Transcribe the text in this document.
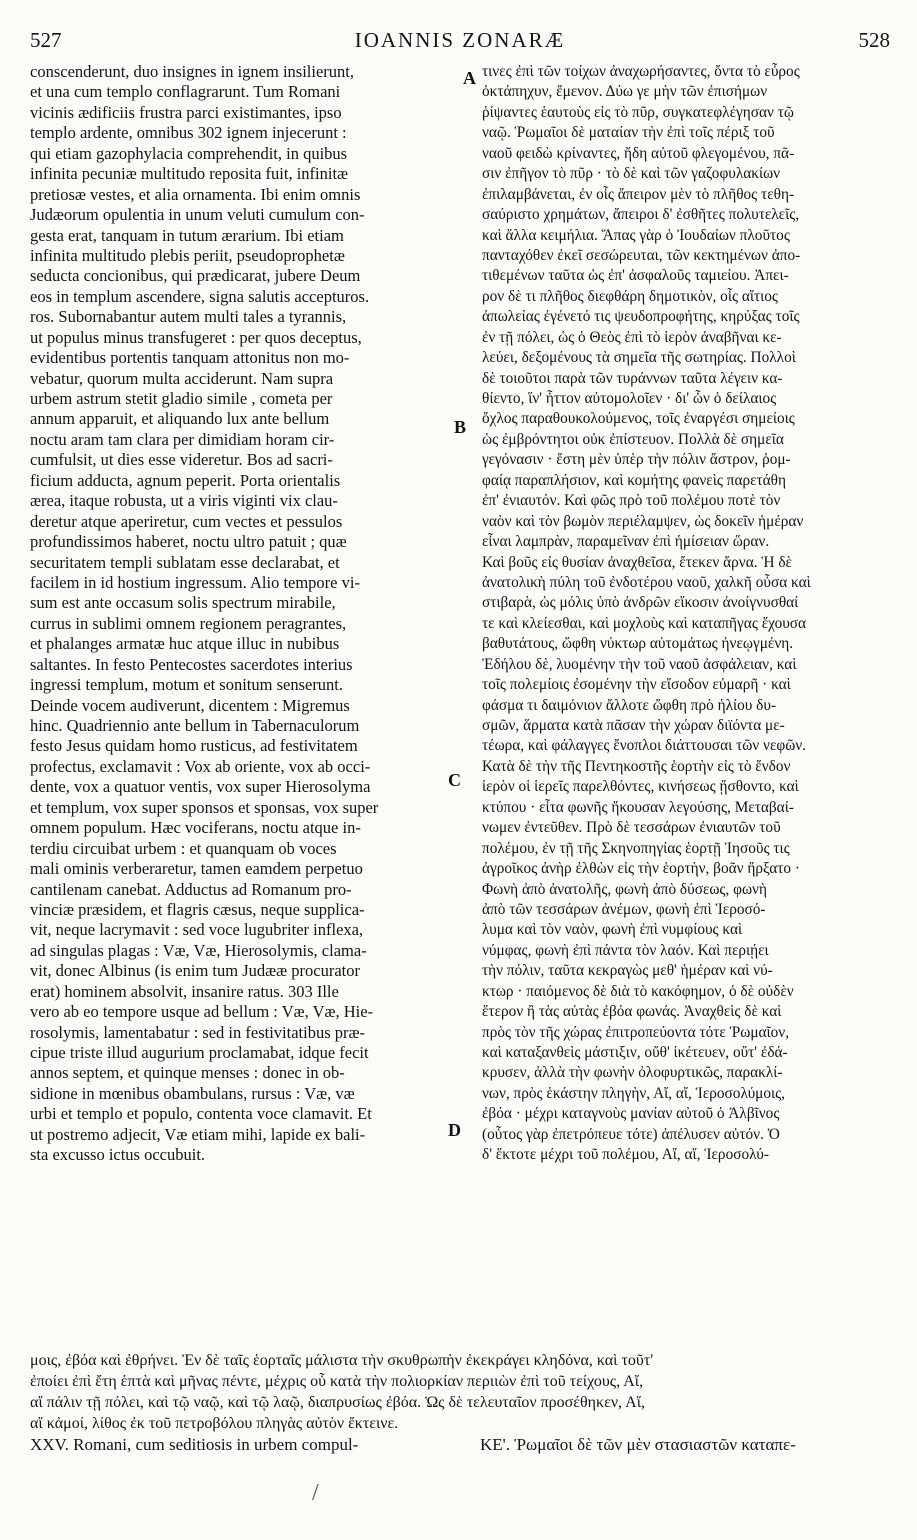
527	IOANNIS ZONARÆ	528
conscenderunt, duo insignes in ignem insilierunt,
et una cum templo conflagrarunt. Tum Romani
vicinis ædificiis frustra parci existimantes, ipso
templo ardente, omnibus 302 ignem injecerunt :
qui etiam gazophylacia comprehendit, in quibus
infinita pecuniæ multitudo reposita fuit, infinitæ
pretiosæ vestes, et alia ornamenta. Ibi enim omnis
Judæorum opulentia in unum veluti cumulum con-
gesta erat, tanquam in tutum ærarium. Ibi etiam
infinita multitudo plebis periit, pseudoprophetæ
seducta concionibus, qui prædicarat, jubere Deum
eos in templum ascendere, signa salutis accepturos.
ros. Subornabantur autem multi tales a tyrannis,
ut populus minus transfugeret : per quos deceptus,
evidentibus portentis tanquam attonitus non mo-
vebatur, quorum multa acciderunt. Nam supra
urbem astrum stetit gladio simile , cometa per
annum apparuit, et aliquando lux ante bellum
noctu aram tam clara per dimidiam horam cir-
cumfulsit, ut dies esse videretur. Bos ad sacri-
ficium adducta, agnum peperit. Porta orientalis
ærea, itaque robusta, ut a viris viginti vix clau-
deretur atque aperiretur, cum vectes et pessulos
profundissimos haberet, noctu ultro patuit ; quæ
securitatem templi sublatam esse declarabat, et
facilem in id hostium ingressum. Alio tempore vi-
sum est ante occasum solis spectrum mirabile,
currus in sublimi omnem regionem peragrantes,
et phalanges armatæ huc atque illuc in nubibus
saltantes. In festo Pentecostes sacerdotes interius
ingressi templum, motum et sonitum senserunt.
Deinde vocem audiverunt, dicentem : Migremus
hinc. Quadriennio ante bellum in Tabernaculorum
festo Jesus quidam homo rusticus, ad festivitatem
profectus, exclamavit : Vox ab oriente, vox ab occi-
dente, vox a quatuor ventis, vox super Hierosolyma
et templum, vox super sponsos et sponsas, vox super
omnem populum. Hæc vociferans, noctu atque in-
terdiu circuibat urbem : et quanquam ob voces
mali ominis verberaretur, tamen eamdem perpetuo
cantilenam canebat. Adductus ad Romanum pro-
vinciæ præsidem, et flagris cæsus, neque supplica-
vit, neque lacrymavit : sed voce lugubriter inflexa,
ad singulas plagas : Væ, Væ, Hierosolymis, clama-
vit, donec Albinus (is enim tum Judææ procurator
erat) hominem absolvit, insanire ratus. 303 Ille
vero ab eo tempore usque ad bellum : Væ, Væ, Hie-
rosolymis, lamentabatur : sed in festivitatibus præ-
cipue triste illud augurium proclamabat, idque fecit
annos septem, et quinque menses : donec in ob-
sidione in mœnibus obambulans, rursus : Væ, væ
urbi et templo et populo, contenta voce clamavit. Et
ut postremo adjecit, Væ etiam mihi, lapide ex bali-
sta excusso ictus occubuit.
τινες ἐπὶ τῶν τοίχων ἀναχωρήσαντες, ὄντα τὸ εὖρος
ὀκτάπηχυν, ἔμενον. Δύω γε μὴν τῶν ἐπισήμων
ῥίψαντες ἑαυτοὺς εἰς τὸ πῦρ, συγκατεφλέγησαν τῷ
ναῷ. Ῥωμαῖοι δὲ ματαίαν τὴν ἐπὶ τοῖς πέριξ τοῦ
ναοῦ φειδὼ κρίναντες, ἤδη αὐτοῦ φλεγομένου, πᾶ-
σιν ἐπῆγον τὸ πῦρ · τὸ δὲ καὶ τῶν γαζοφυλακίων
ἐπιλαμβάνεται, ἐν οἷς ἄπειρον μὲν τὸ πλῆθος τεθη-
σαύριστο χρημάτων, ἄπειροι δ' ἐσθῆτες πολυτελεῖς,
καὶ ἄλλα κειμήλια. Ἅπας γὰρ ὁ Ἰουδαίων πλοῦτος
πανταχόθεν ἐκεῖ σεσώρευται, τῶν κεκτημένων ἀπο-
τιθεμένων ταῦτα ὡς ἐπ' ἀσφαλοῦς ταμιείου. Ἀπει-
ρον δὲ τι πλῆθος διεφθάρη δημοτικὸν, οἷς αἴτιος
ἀπωλείας ἐγένετό τις ψευδοπροφήτης, κηρύξας τοῖς
ἐν τῇ πόλει, ὡς ὁ Θεὸς ἐπὶ τὸ ἱερὸν ἀναβῆναι κε-
λεύει, δεξομένους τὰ σημεῖα τῆς σωτηρίας. Πολλοὶ
δὲ τοιοῦτοι παρὰ τῶν τυράννων ταῦτα λέγειν κα-
θίεντο, ἵν' ἧττον αὐτομολοῖεν · δι' ὧν ὁ δείλαιος
ὄχλος παραθουκολούμενος, τοῖς ἐναργέσι σημείοις
ὡς ἐμβρόντητοι οὐκ ἐπίστευον. Πολλὰ δὲ σημεῖα
γεγόνασιν · ἔστη μὲν ὑπὲρ τὴν πόλιν ἄστρον, ῥομ-
φαίᾳ παραπλήσιον, καὶ κομήτης φανεὶς παρετάθη
ἐπ' ἐνιαυτόν. Καὶ φῶς πρὸ τοῦ πολέμου ποτὲ τὸν
ναὸν καὶ τὸν βωμὸν περιέλαμψεν, ὡς δοκεῖν ἡμέραν
εἶναι λαμπρὰν, παραμεῖναν ἐπὶ ἡμίσειαν ὥραν.
Καὶ βοῦς εἰς θυσίαν ἀναχθεῖσα, ἔτεκεν ἄρνα. Ἡ δὲ
ἀνατολικὴ πύλη τοῦ ἐνδοτέρου ναοῦ, χαλκῆ οὖσα καὶ
στιβαρὰ, ὡς μόλις ὑπὸ ἀνδρῶν εἴκοσιν ἀνοίγνυσθαί
τε καὶ κλείεσθαι, καὶ μοχλοὺς καὶ καταπῆγας ἔχουσα
βαθυτάτους, ὤφθη νύκτωρ αὐτομάτως ἠνεῳγμένη.
Ἐδήλου δὲ, λυομένην τὴν τοῦ ναοῦ ἀσφάλειαν, καὶ
τοῖς πολεμίοις ἐσομένην τὴν εἴσοδον εὐμαρῆ · καὶ
φάσμα τι δαιμόνιον ἄλλοτε ὤφθη πρὸ ἡλίου δυ-
σμῶν, ἅρματα κατὰ πᾶσαν τὴν χώραν διϊόντα με-
τέωρα, καὶ φάλαγγες ἔνοπλοι διάττουσαι τῶν νεφῶν.
Κατὰ δὲ τὴν τῆς Πεντηκοστῆς ἑορτὴν εἰς τὸ ἔνδον
ἱερὸν οἱ ἱερεῖς παρελθόντες, κινήσεως ᾔσθοντο, καὶ
κτύπου · εἶτα φωνῆς ἤκουσαν λεγούσης, Μεταβαί-
νωμεν ἐντεῦθεν. Πρὸ δὲ τεσσάρων ἐνιαυτῶν τοῦ
πολέμου, ἐν τῇ τῆς Σκηνοπηγίας ἑορτῇ Ἰησοῦς τις
ἀγροῖκος ἀνὴρ ἐλθὼν εἰς τὴν ἑορτὴν, βοᾶν ἤρξατο ·
Φωνὴ ἀπὸ ἀνατολῆς, φωνὴ ἀπὸ δύσεως, φωνὴ
ἀπὸ τῶν τεσσάρων ἀνέμων, φωνὴ ἐπὶ Ἱεροσό-
λυμα καὶ τὸν ναὸν, φωνὴ ἐπὶ νυμφίους καὶ
νύμφας, φωνὴ ἐπὶ πάντα τὸν λαόν. Καὶ περιῄει
τὴν πόλιν, ταῦτα κεκραγὼς μεθ' ἡμέραν καὶ νύ-
κτωρ · παιόμενος δὲ διὰ τὸ κακόφημον, ὁ δὲ οὐδὲν
ἕτερον ἢ τὰς αὐτὰς ἐβόα φωνάς. Ἀναχθεὶς δὲ καὶ
πρὸς τὸν τῆς χώρας ἐπιτροπεύοντα τότε Ῥωμαῖον,
καὶ καταξανθεὶς μάστιξιν, οὔθ' ἱκέτευεν, οὔτ' ἐδά-
κρυσεν, ἀλλὰ τὴν φωνὴν ὀλοφυρτικῶς, παρακλί-
νων, πρὸς ἑκάστην πληγὴν, Αἴ, αἴ, Ἱεροσολύμοις,
ἐβόα · μέχρι καταγνοὺς μανίαν αὐτοῦ ὁ Ἀλβῖνος
(οὗτος γὰρ ἐπετρόπευε τότε) ἀπέλυσεν αὐτόν. Ὁ
δ' ἔκτοτε μέχρι τοῦ πολέμου, Αἴ, αἴ, Ἱεροσολύ-
A
B
C
D
μοις, ἐβόα καὶ ἐθρήνει. Ἐν δὲ ταῖς ἑορταῖς μάλιστα τὴν σκυθρωπὴν ἐκεκράγει κληδόνα, καὶ τοῦτ'
ἐποίει ἐπὶ ἔτη ἑπτὰ καὶ μῆνας πέντε, μέχρις οὗ κατὰ τὴν πολιορκίαν περιιὼν ἐπὶ τοῦ τείχους, Αἴ,
αἴ πάλιν τῇ πόλει, καὶ τῷ ναῷ, καὶ τῷ λαῷ, διαπρυσίως ἐβόα. Ὡς δὲ τελευταῖον προσέθηκεν, Αἴ,
αἴ κἀμοί, λίθος ἐκ τοῦ πετροβόλου πληγὰς αὐτὸν ἔκτεινε.
XXV. Romani, cum seditiosis in urbem compul-	ΚΕ'. Ῥωμαῖοι δὲ τῶν μὲν στασιαστῶν καταπε-
/
